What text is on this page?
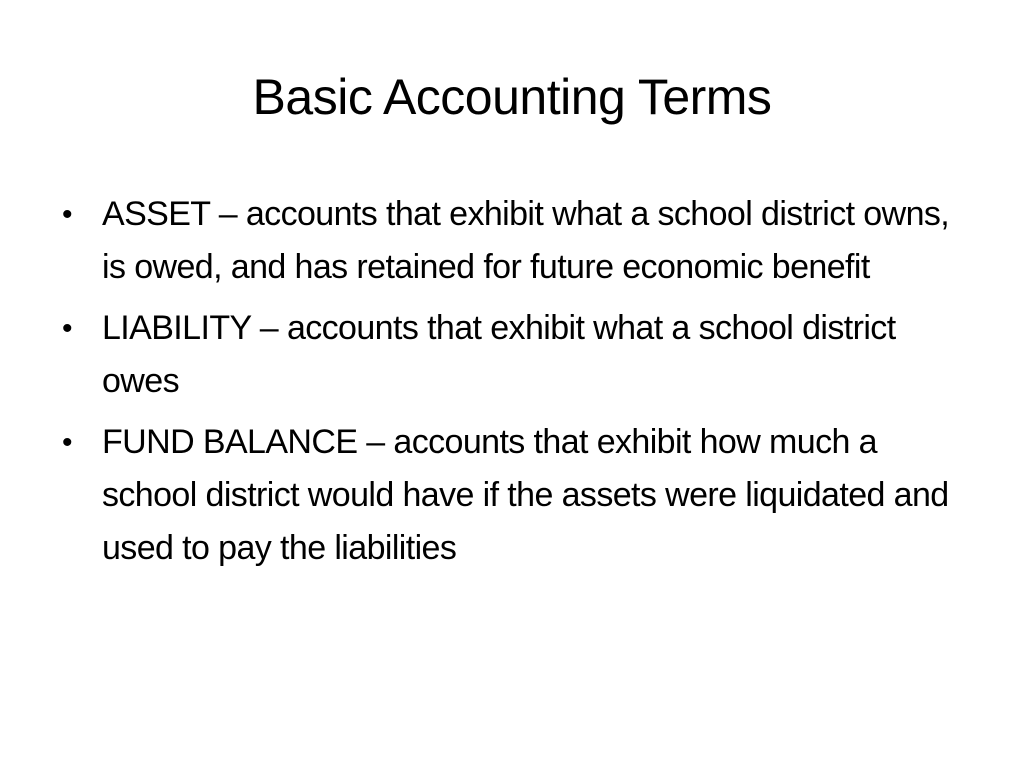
Basic Accounting Terms
• ASSET – accounts that exhibit what a school district owns, is owed, and has retained for future economic benefit
• LIABILITY – accounts that exhibit what a school district owes
• FUND BALANCE – accounts that exhibit how much a school district would have if the assets were liquidated and used to pay the liabilities
